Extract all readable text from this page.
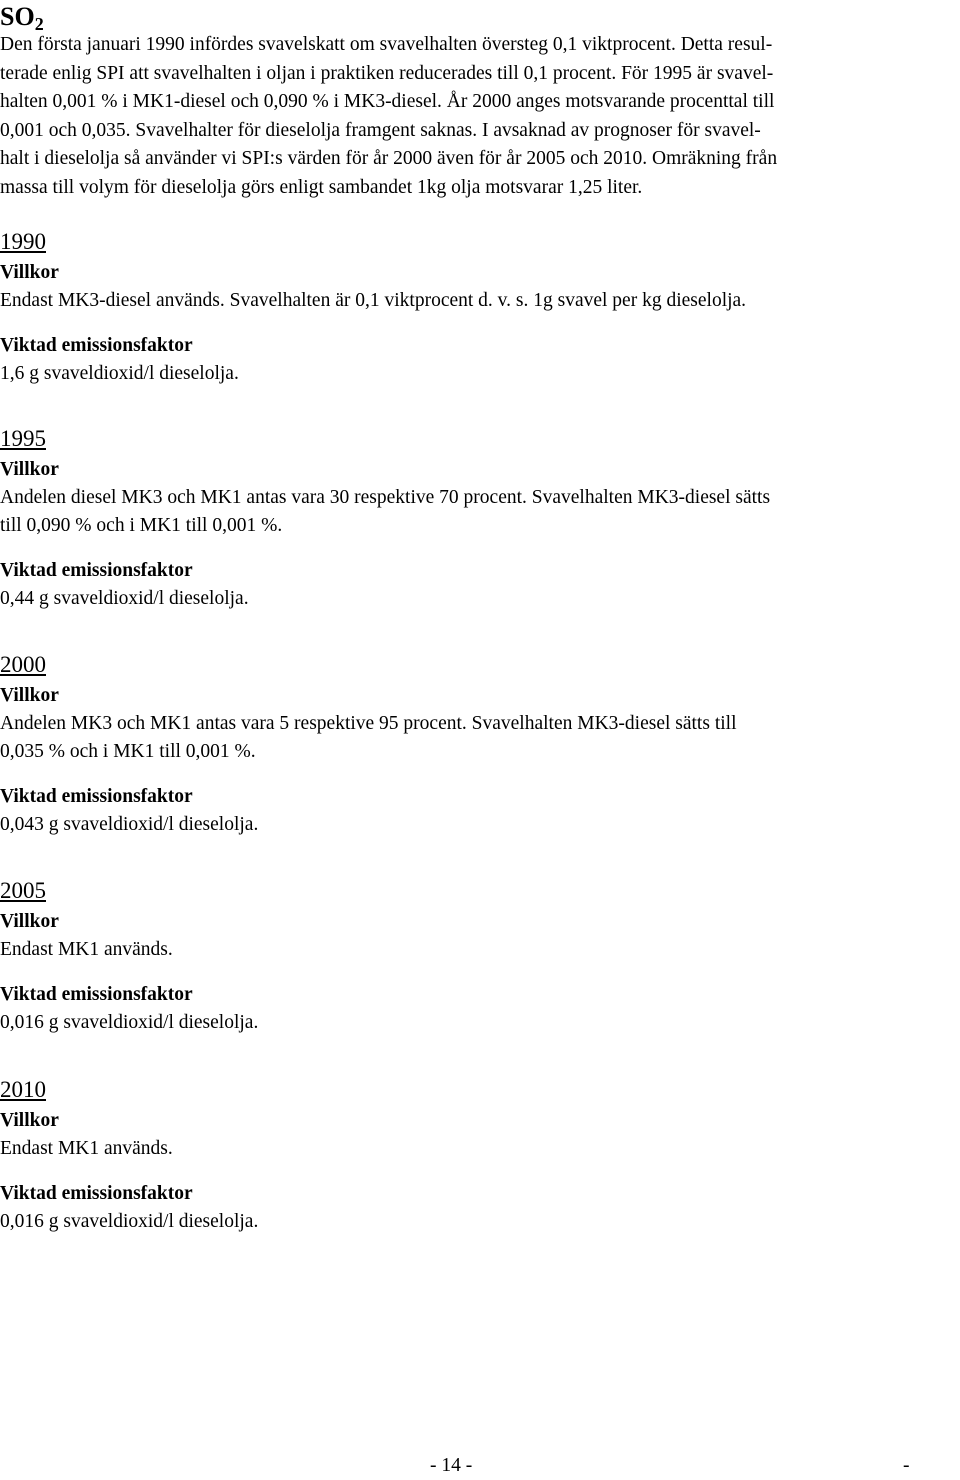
$SO_2$

Den första januari 1990 infördes svavelskatt om svavelhalten översteg 0,1 viktprocent. Detta resul-

terade enlig SPI att svavelhalten i oljan i praktiken reducerades till 0,1 procent. För 1995 är svavel-

halten 0,001 % i MK1-diesel och 0,090 % i MK3-diesel. År 2000 anges motsvarande procenttal till

0,001 och 0,035. Svavelhalter för dieselolja framgent saknas. I avsaknad av prognoser för svavel-

halt i dieselolja så använder vi SPI:s värden för år 2000 även för år 2005 och 2010. Omräkning från

massa till volym för dieselolja görs enligt sambandet 1kg olja motsvarar 1,25 liter.

1990
Villkor
Endast MK3-diesel används. Svavelhalten är 0,1 viktprocent d. v. s. 1g svavel per kg dieselolja.
Viktad emissionsfaktor
1,6 g svaveldioxid/l dieselolja.
1995
Villkor
Andelen diesel MK3 och MK1 antas vara 30 respektive 70 procent. Svavelhalten MK3-diesel sätts
till 0,090 % och i MK1 till 0,001 %.
Viktad emissionsfaktor
0,44 g svaveldioxid/l dieselolja.
2000
Villkor
Andelen MK3 och MK1 antas vara 5 respektive 95 procent. Svavelhalten MK3-diesel sätts till
0,035 % och i MK1 till 0,001 %.
Viktad emissionsfaktor
0,043 g svaveldioxid/l dieselolja.
2005
Villkor
Endast MK1 används.
Viktad emissionsfaktor
0,016 g svaveldioxid/l dieselolja.
2010
Villkor
Endast MK1 används.
Viktad emissionsfaktor
0,016 g svaveldioxid/l dieselolja.
- 14 -	-
